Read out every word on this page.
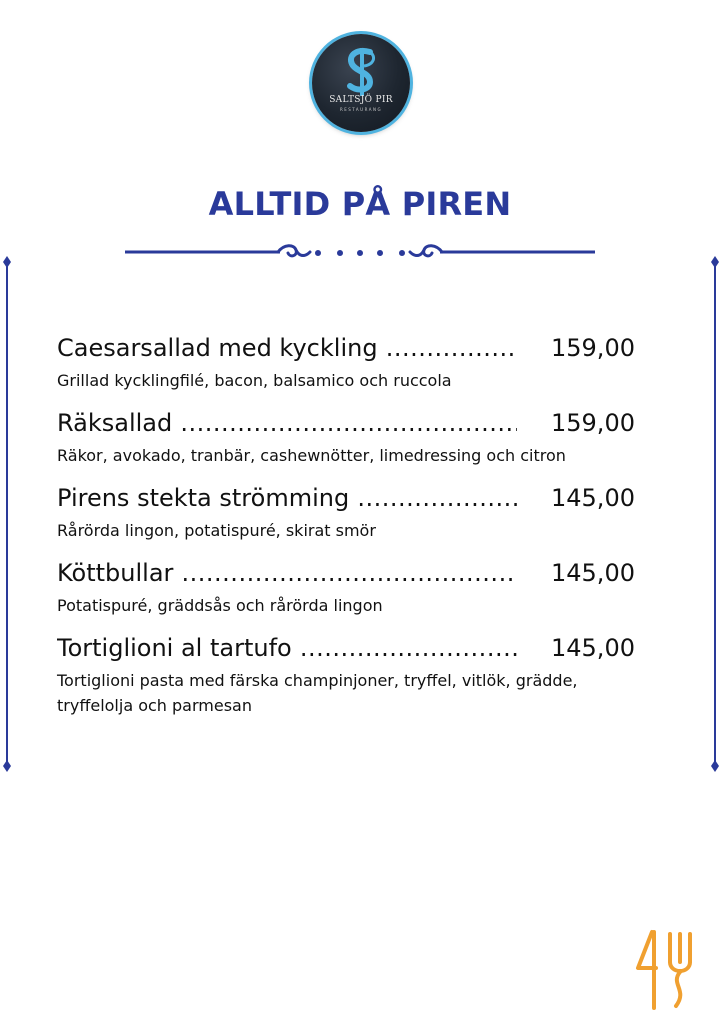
SALTSJÖ PIR
RESTAURANG
ALLTID PÅ PIREN
Caesarsallad med kyckling .....	159,00
Grillad kycklingfilé, bacon, balsamico och ruccola
Räksallad .....	159,00
Räkor, avokado, tranbär, cashewnötter, limedressing och citron
Pirens stekta strömming .....	145,00
Rårörda lingon, potatispuré, skirat smör
Köttbullar .....	145,00
Potatispuré, gräddsås och rårörda lingon
Tortiglioni al tartufo .....	145,00
Tortiglioni pasta med färska champinjoner, tryffel, vitlök, grädde, tryffelolja och parmesan
